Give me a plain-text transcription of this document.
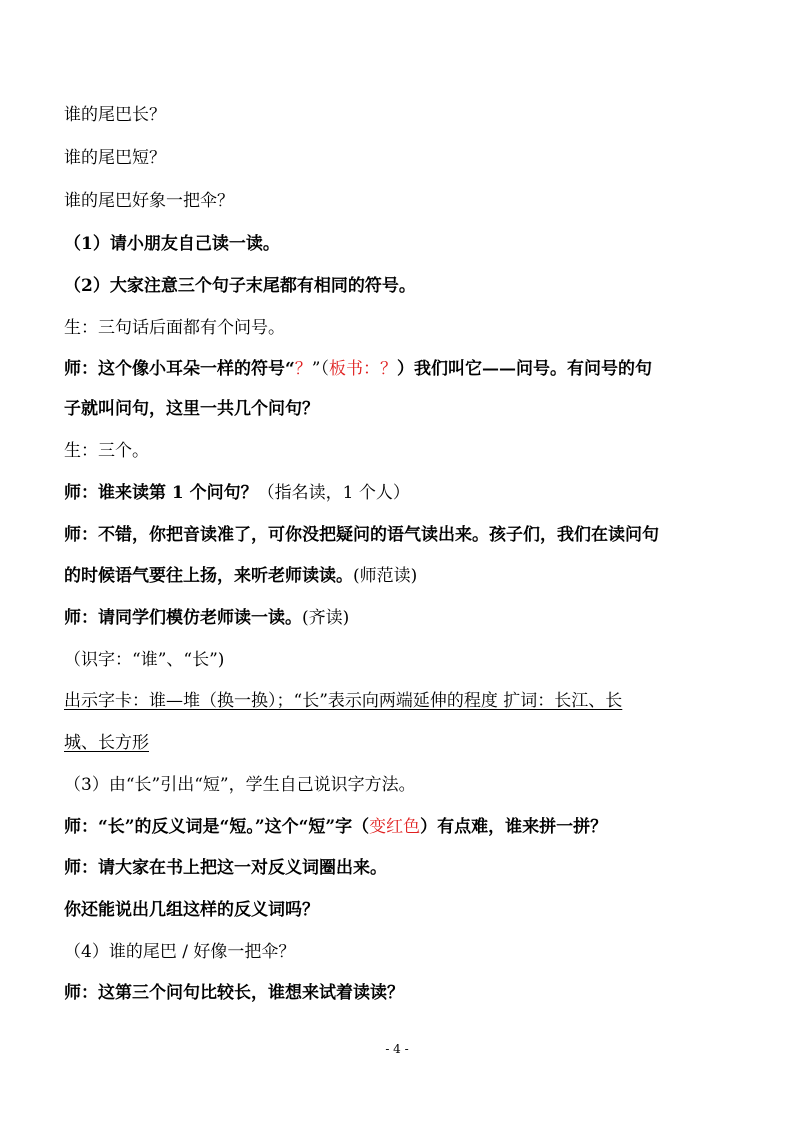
谁的尾巴长？
谁的尾巴短？
谁的尾巴好象一把伞？
（1）请小朋友自己读一读。
（2）大家注意三个句子末尾都有相同的符号。
生：三句话后面都有个问号。
师：这个像小耳朵一样的符号“？”（板书：？）我们叫它——问号。有问号的句
子就叫问句，这里一共几个问句？
生：三个。
师：谁来读第 1 个问句？（指名读，1 个人）
师：不错，你把音读准了，可你没把疑问的语气读出来。孩子们，我们在读问句
的时候语气要往上扬，来听老师读读。(师范读)
师：请同学们模仿老师读一读。(齐读)
（识字：“谁”、“长”)
出示字卡：谁—堆（换一换）；“长”表示向两端延伸的程度 扩词：长江、长
城、长方形
（3）由“长”引出“短”，学生自己说识字方法。
师：“长”的反义词是“短。”这个“短”字（变红色）有点难，谁来拼一拼？
师：请大家在书上把这一对反义词圈出来。
你还能说出几组这样的反义词吗？
（4）谁的尾巴 / 好像一把伞？
师：这第三个问句比较长，谁想来试着读读？
- 4 -
